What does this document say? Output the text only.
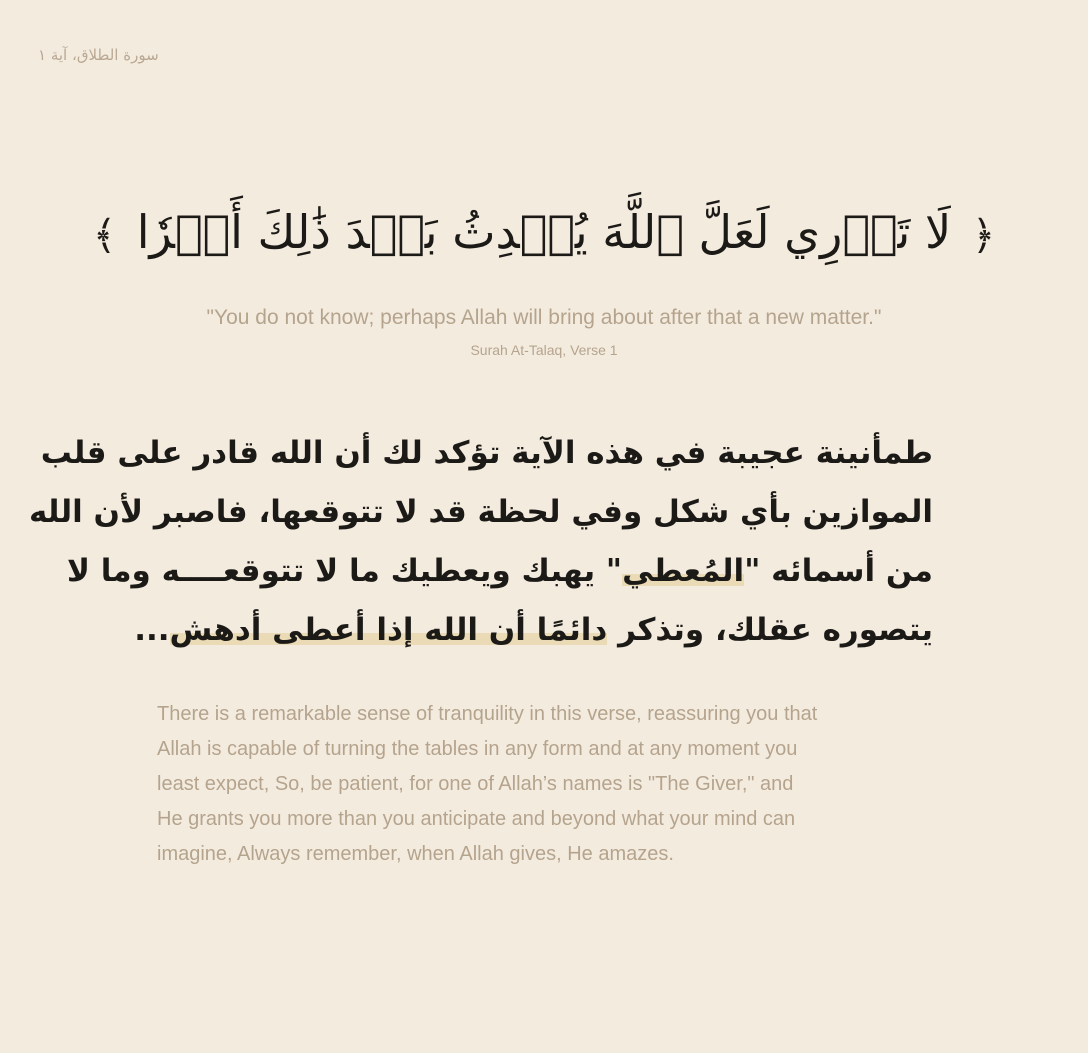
سورة الطلاق، آية ١
﴿ لَا تَدۡرِي لَعَلَّ ٱللَّهَ يُحۡدِثُ بَعۡدَ ذَٰلِكَ أَمۡرٗا ﴾
"You do not know; perhaps Allah will bring about after that a new matter."
Surah At-Talaq, Verse 1
طمأنينة عجيبة في هذه الآية تؤكد لك أن الله قادر على قلب
الموازين بأي شكل وفي لحظة قد لا تتوقعها، فاصبر لأن الله
من أسمائه "المُعطي" يهبك ويعطيك ما لا تتوقعــــه وما لا
يتصوره عقلك، وتذكر دائمًا أن الله إذا أعطى أدهش...
There is a remarkable sense of tranquility in this verse, reassuring you that
Allah is capable of turning the tables in any form and at any moment you
least expect, So, be patient, for one of Allah’s names is "The Giver," and
He grants you more than you anticipate and beyond what your mind can
imagine, Always remember, when Allah gives, He amazes.
